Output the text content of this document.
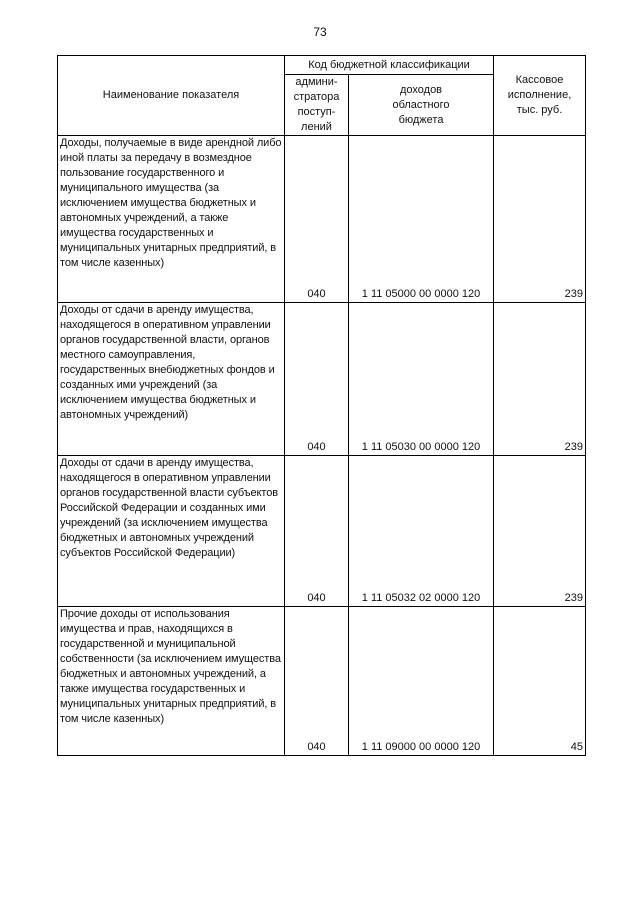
73
Наименование показателя	Код бюджетной классификации		Кассовое
исполнение,
тыс. руб.
	админи-
стратора
поступ-
лений	доходов
областного
бюджета	
Доходы, получаемые в виде арендной либо иной платы за передачу в возмездное пользование государственного и муниципального имущества (за исключением имущества бюджетных и автономных учреждений, а также имущества государственных и муниципальных унитарных предприятий, в том числе казенных)	040	1 11 05000 00 0000 120	239
Доходы от сдачи в аренду имущества, находящегося в оперативном управлении органов государственной власти, органов местного самоуправления, государственных внебюджетных фондов и созданных ими учреждений (за исключением имущества бюджетных и автономных учреждений)	040	1 11 05030 00 0000 120	239
Доходы от сдачи в аренду имущества, находящегося в оперативном управлении органов государственной власти субъектов Российской Федерации и созданных ими учреждений (за исключением имущества бюджетных и автономных учреждений субъектов Российской Федерации)	040	1 11 05032 02 0000 120	239
Прочие доходы от использования имущества и прав, находящихся в государственной и муниципальной собственности (за исключением имущества бюджетных и автономных учреждений, а также имущества государственных и муниципальных унитарных предприятий, в том числе казенных)	040	1 11 09000 00 0000 120	45
